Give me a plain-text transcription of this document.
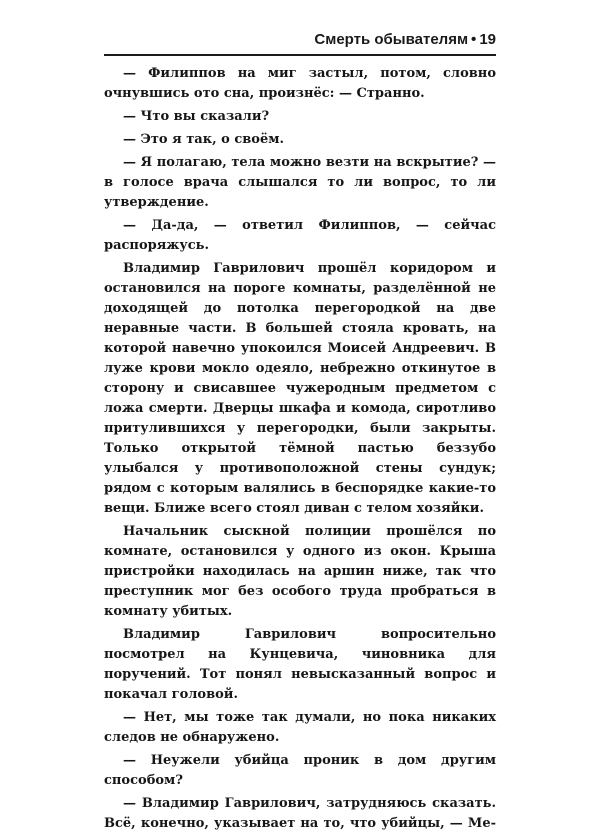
Смерть обывателям • 19

— Филиппов на миг застыл, потом, словно очнувшись ото сна, произнёс: — Странно.

— Что вы сказали?

— Это я так, о своём.

— Я полагаю, тела можно везти на вскрытие? — в голосе врача слышался то ли вопрос, то ли утверждение.

— Да-да, — ответил Филиппов, — сейчас распоряжусь.

Владимир Гаврилович прошёл коридором и остановился на пороге комнаты, разделённой не доходящей до потолка перегородкой на две неравные части. В большей стояла кровать, на которой навечно упокоился Моисей Андреевич. В луже крови мокло одеяло, небрежно откинутое в сторону и свисавшее чужеродным предметом с ложа смерти. Дверцы шкафа и комода, сиротливо притулившихся у перегородки, были закрыты. Только открытой тёмной пастью беззубо улыбался у противоположной стены сундук; рядом с которым валялись в беспорядке какие-то вещи. Ближе всего стоял диван с телом хозяйки.

Начальник сыскной полиции прошёлся по комнате, остановился у одного из окон. Крыша пристройки находилась на аршин ниже, так что преступник мог без особого труда пробраться в комнату убитых.

Владимир Гаврилович вопросительно посмотрел на Кунцевича, чиновника для поручений. Тот понял невысказанный вопрос и покачал головой.

— Нет, мы тоже так думали, но пока никаких следов не обнаружено.

— Неужели убийца проник в дом другим способом?

— Владимир Гаврилович, затрудняюсь сказать. Всё, конечно, указывает на то, что убийцы, — Ме-
